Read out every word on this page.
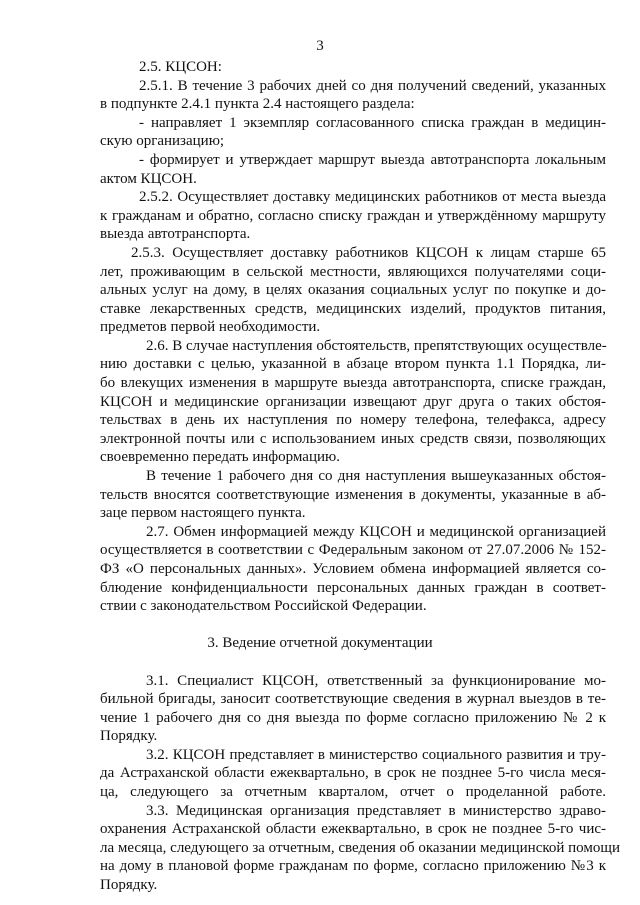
3
2.5. КЦСОН:
2.5.1. В течение 3 рабочих дней со дня получений сведений, указанных
в подпункте 2.4.1 пункта 2.4 настоящего раздела:
- направляет 1 экземпляр согласованного списка граждан в медицин-
скую организацию;
- формирует и утверждает маршрут выезда автотранспорта локальным
актом КЦСОН.
2.5.2. Осуществляет доставку медицинских работников от места выезда
к гражданам и обратно, согласно списку граждан и утверждённому маршруту
выезда автотранспорта.
2.5.3. Осуществляет доставку работников КЦСОН к лицам старше 65
лет, проживающим в сельской местности, являющихся получателями соци-
альных услуг на дому, в целях оказания социальных услуг по покупке и до-
ставке лекарственных средств, медицинских изделий, продуктов питания,
предметов первой необходимости.
2.6. В случае наступления обстоятельств, препятствующих осуществле-
нию доставки с целью, указанной в абзаце втором пункта 1.1 Порядка, ли-
бо влекущих изменения в маршруте выезда автотранспорта, списке граждан,
КЦСОН и медицинские организации извещают друг друга о таких обстоя-
тельствах в день их наступления по номеру телефона, телефакса, адресу
электронной почты или с использованием иных средств связи, позволяющих
своевременно передать информацию.
В течение 1 рабочего дня со дня наступления вышеуказанных обстоя-
тельств вносятся соответствующие изменения в документы, указанные в аб-
заце первом настоящего пункта.
2.7. Обмен информацией между КЦСОН и медицинской организацией
осуществляется в соответствии с Федеральным законом от 27.07.2006 № 152-
ФЗ «О персональных данных». Условием обмена информацией является со-
блюдение конфиденциальности персональных данных граждан в соответ-
ствии с законодательством Российской Федерации.
3. Ведение отчетной документации
3.1. Специалист КЦСОН, ответственный за функционирование мо-
бильной бригады, заносит соответствующие сведения в журнал выездов в те-
чение 1 рабочего дня со дня выезда по форме согласно приложению № 2 к
Порядку.
3.2. КЦСОН представляет в министерство социального развития и тру-
да Астраханской области ежеквартально, в срок не позднее 5-го числа меся-
ца, следующего за отчетным кварталом, отчет о проделанной работе.
3.3. Медицинская организация представляет в министерство здраво-
охранения Астраханской области ежеквартально, в срок не позднее 5-го чис-
ла месяца, следующего за отчетным, сведения об оказании медицинской помощи
на дому в плановой форме гражданам по форме, согласно приложению №3 к
Порядку.
